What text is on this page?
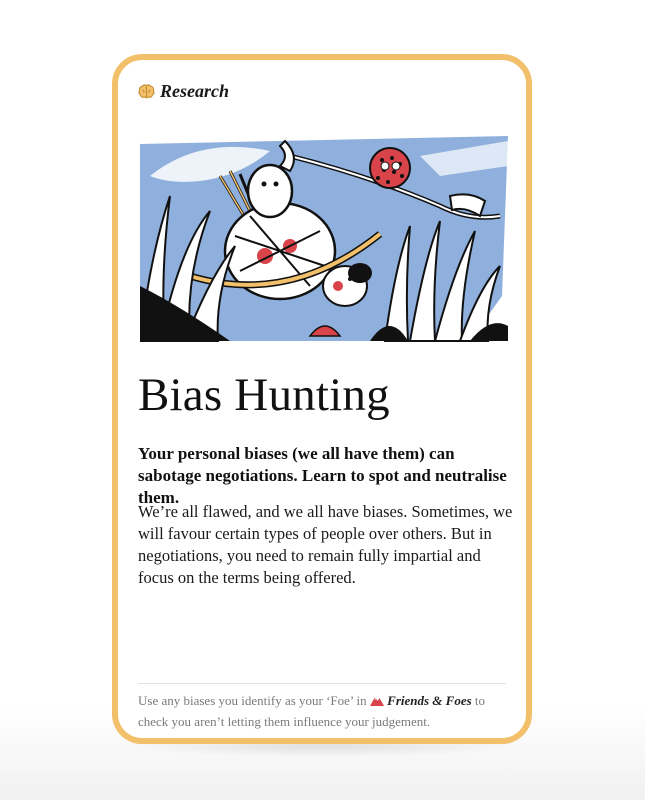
Research
Bias Hunting
Your personal biases (we all have them) can sabotage negotiations. Learn to spot and neutralise them.
We’re all flawed, and we all have biases. Sometimes, we will favour certain types of people over others. But in negotiations, you need to remain fully impartial and focus on the terms being offered.
Use any biases you identify as your ‘Foe’ in  Friends & Foes to check you aren’t letting them influence your judgement.
